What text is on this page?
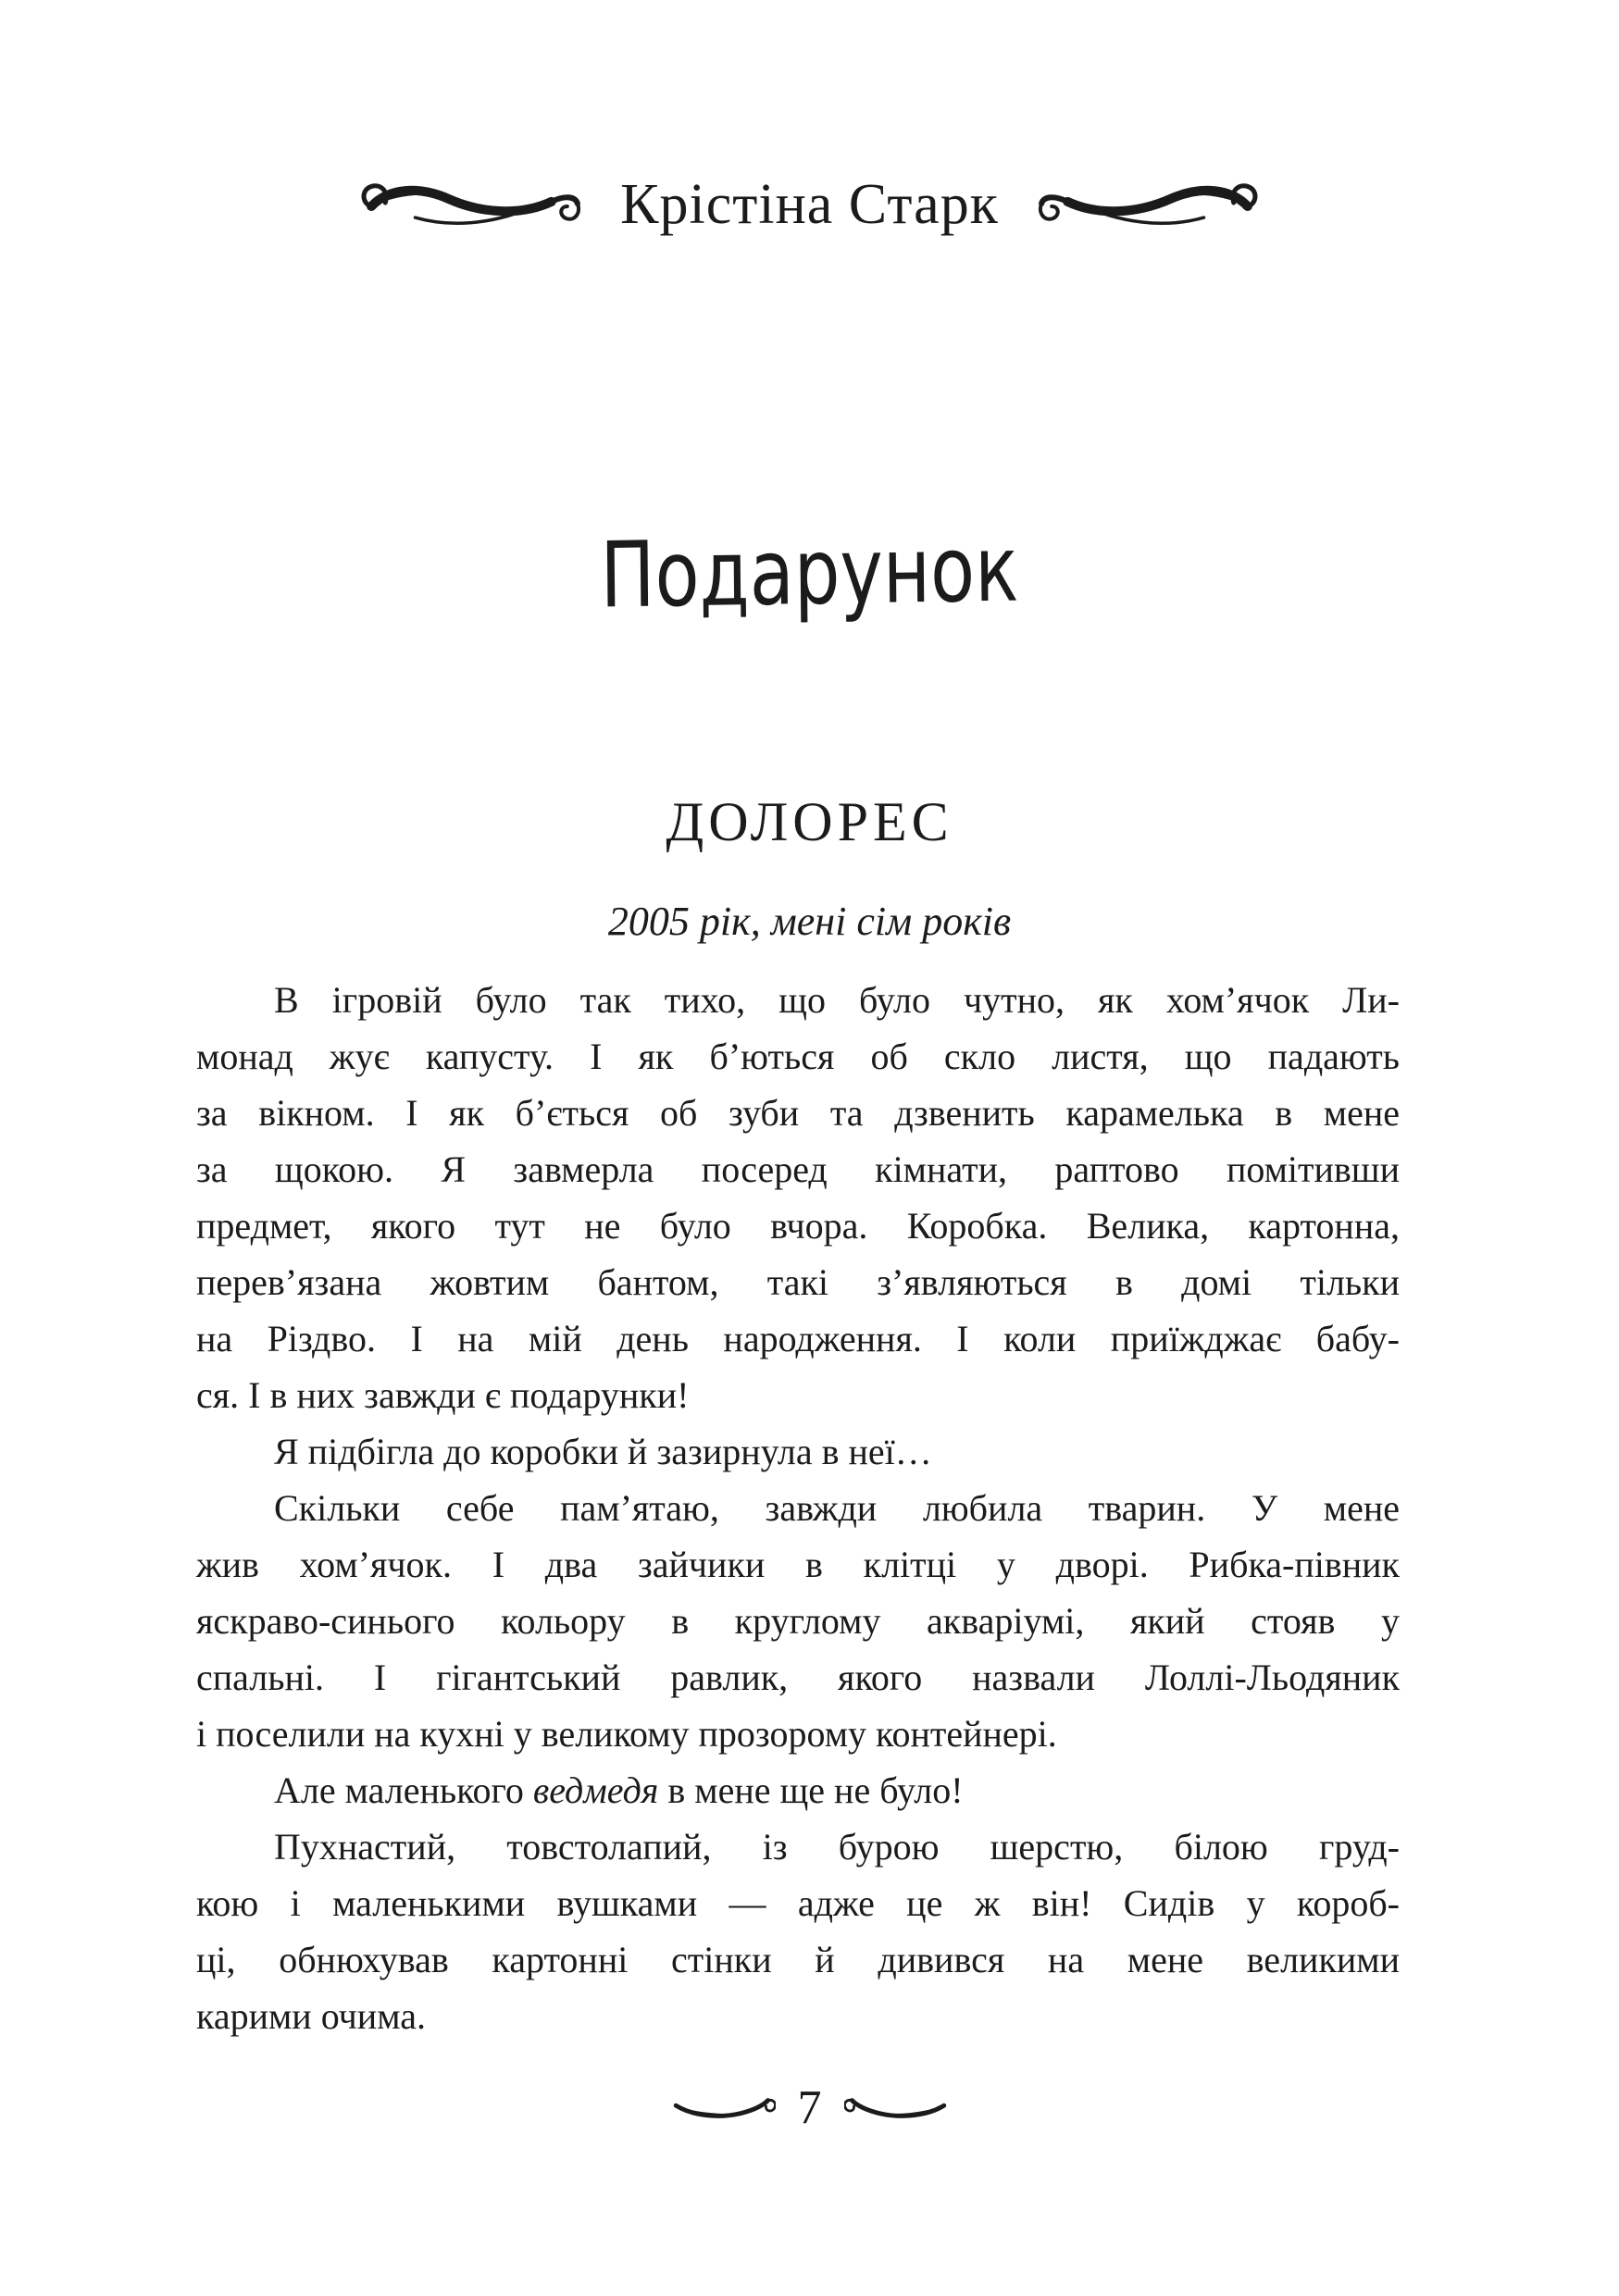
Крістіна Старк
Подарунок
ДОЛОРЕС
2005 рік, мені сім років
В ігровій було так тихо, що було чутно, як хом’ячок Ли-
монад жує капусту. І як б’ються об скло листя, що падають
за вікном. І як б’ється об зуби та дзвенить карамелька в мене
за щокою. Я завмерла посеред кімнати, раптово помітивши
предмет, якого тут не було вчора. Коробка. Велика, картонна,
перев’язана жовтим бантом, такі з’являються в домі тільки
на Різдво. І на мій день народження. І коли приїжджає бабу-
ся. І в них завжди є подарунки!
Я підбігла до коробки й зазирнула в неї…
Скільки себе пам’ятаю, завжди любила тварин. У мене
жив хом’ячок. І два зайчики в клітці у дворі. Рибка-півник
яскраво-синього кольору в круглому акваріумі, який стояв у
спальні. І гігантський равлик, якого назвали Лоллі-Льодяник
і поселили на кухні у великому прозорому контейнері.
Але маленького ведмедя в мене ще не було!
Пухнастий, товстолапий, із бурою шерстю, білою груд-
кою і маленькими вушками — адже це ж він! Сидів у короб-
ці, обнюхував картонні стінки й дивився на мене великими
карими очима.
7
